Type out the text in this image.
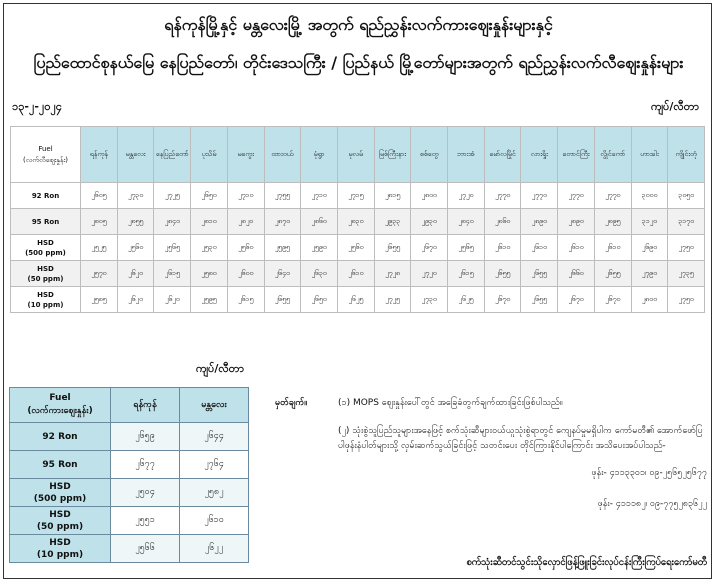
ရန်ကုန်မြို့နှင့် မန္တလေးမြို့ အတွက် ရည်ညွှန်းလက်ကားဈေးနှုန်းများနှင့်
ပြည်ထောင်စုနယ်မြေ နေပြည်တော်၊ တိုင်းဒေသကြီး / ပြည်နယ် မြို့တော်များအတွက် ရည်ညွှန်းလက်လီဈေးနှုန်းများ
၁၃-၂-၂၀၂၄	ကျပ်/လီတာ
Fuel
(လက်လီဈေးနှုန်း)	ရန်ကုန်	မန္တလေး	နေပြည်တော်	ပုသိမ်	မကွေး	ထားဝယ်	မုံရွာ	မုလမ်	မြစ်ကြီးနား	စစ်တွေ	ဘားအံ	မော်လမြိုင်	လားရှိုး	တောင်ကြီး	လွိုင်ကော်	ဟားခါး	ကျိုင်းတုံ
92 Ron	၂၆၀၅	၂၇၃၀	၂၇၂၅	၂၆၅၀	၂၇၁၀	၂၇၅၅	၂၇၁၀	၂၇၁၅	၂၈၁၅	၂၈၀၀	၂၇၂၀	၂၇၇၀	၂၇၇၀	၂၇၇၀	၂၇၇၀	၃၀၀၀	၃၀၅၀
95 Ron	၂၈၀၅	၂၈၅၅	၂၈၄၀	၂၈၁၀	၂၈၂၀	၂၈၇၀	၂၈၆၀	၂၈၃၀	၂၉၃၃	၂၉၃၀	၂၈၄၀	၂၈၆၀	၂၈၉၀	၂၈၉၀	၂၈၉၅	၃၁၂၀	၃၁၇၀
HSD
(500 ppm)	၂၅၂၅	၂၅၆၀	၂၅၆၅	၂၅၃၀	၂၅၆၀	၂၅၉၅	၂၅၉၀	၂၅၆၀	၂၆၅၅	၂၆၇၀	၂၅၆၅	၂၆၁၀	၂၆၁၀	၂၆၁၀	၂၆၁၀	၂၆၉၀	၂၇၅၀
HSD
(50 ppm)	၂၅၇၀	၂၆၂၀	၂၆၁၅	၂၅၈၀	၂၆၀၀	၂၆၄၀	၂၆၃၀	၂၆၁၀	၂၇၂၈	၂၇၂၀	၂၆၁၅	၂၆၅၅	၂၆၅၅	၂၆၆၀	၂၆၅၅	၂၇၉၀	၂၇၃၅
HSD
(10 ppm)	၂၅၈၅	၂၆၂၀	၂၆၂၀	၂၅၉၅	၂၆၁၅	၂၆၅၅	၂၆၅၀	၂၆၂၅	၂၇၂၅	၂၇၃၀	၂၆၂၅	၂၆၇၀	၂၆၅၅	၂၆၇၀	၂၆၇၀	၂၈၀၀	၂၇၅၀
ကျပ်/လီတာ
Fuel
(လက်ကားဈေးနှုန်း)	ရန်ကုန်	မန္တလေး
92 Ron	၂၆၅၉	၂၆၄၄
95 Ron	၂၆၇၇	၂၇၆၄
HSD
(500 ppm)	၂၅၀၄	၂၅၈၂
HSD
(50 ppm)	၂၅၅၁	၂၆၁၀
HSD
(10 ppm)	၂၅၆၆	၂၆၂၂
မှတ်ချက်။	(၁) MOPS ဈေးနှုန်းပေါ်တွင် အခြေခံတွက်ချက်ထားခြင်းဖြစ်ပါသည်။
(၂) သုံးစွဲသူပြည်သူများအနေဖြင့် စက်သုံးဆီများဝယ်ယူသုံးစွဲရာတွင် ကျေနပ်မှုမရှိပါက ကော်မတီ၏ အောက်ဖော်ပြပါဖုန်းနံပါတ်များသို့ လှမ်းဆက်သွယ်ခြင်းဖြင့် သတင်းပေး တိုင်ကြားနိုင်ပါကြောင်း အသိပေးအပ်ပါသည်-
ဖုန်း- ၄၁၁၃၃၀၁၊ ၀၉-၂၅၆၅၂၅၆၇၇
ဖုန်း- ၄၁၁၁၈၂၊ ၀၉-၇၇၅၂၈၃၆၂၂
စက်သုံးဆီတင်သွင်းသိုလှောင်ဖြန့်ဖြူးခြင်းလုပ်ငန်းကြီးကြပ်ရေးကော်မတီ
